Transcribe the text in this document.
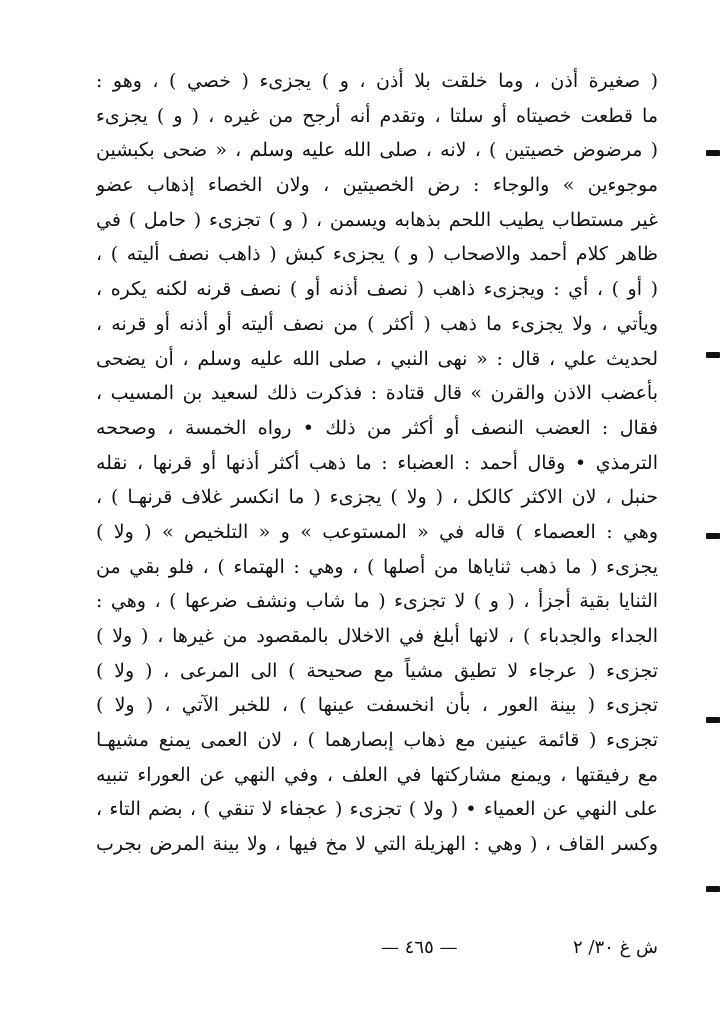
( صغيرة أذن ، وما خلقت بلا أذن ، و ) يجزىء ( خصي ) ، وهو :
ما قطعت خصيتاه أو سلتا ، وتقدم أنه أرجح من غيره ، ( و ) يجزىء
( مرضوض خصيتين ) ، لانه ، صلى الله عليه وسلم ، « ضحى بكبشين
موجوءين » والوجاء : رض الخصيتين ، ولان الخصاء إذهاب عضو
غير مستطاب يطيب اللحم بذهابه ويسمن ، ( و ) تجزىء ( حامل ) في
ظاهر كلام أحمد والاصحاب ( و ) يجزىء كبش ( ذاهب نصف أليته ) ،
( أو ) ، أي : ويجزىء ذاهب ( نصف أذنه أو ) نصف قرنه لكنه يكره ،
ويأتي ، ولا يجزىء ما ذهب ( أكثر ) من نصف أليته أو أذنه أو قرنه ،
لحديث علي ، قال : « نهى النبي ، صلى الله عليه وسلم ، أن يضحى
بأعضب الاذن والقرن » قال قتادة : فذكرت ذلك لسعيد بن المسيب ،
فقال : العضب النصف أو أكثر من ذلك • رواه الخمسة ، وصححه
الترمذي • وقال أحمد : العضباء : ما ذهب أكثر أذنها أو قرنها ، نقله
حنبل ، لان الاكثر كالكل ، ( ولا ) يجزىء ( ما انكسر غلاف قرنهـا ) ،
وهي : العصماء ) قاله في « المستوعب » و « التلخيص » ( ولا )
يجزىء ( ما ذهب ثناياها من أصلها ) ، وهي : الهتماء ) ، فلو بقي من
الثنايا بقية أجزأ ، ( و ) لا تجزىء ( ما شاب ونشف ضرعها ) ، وهي :
الجداء والجدباء ) ، لانها أبلغ في الاخلال بالمقصود من غيرها ، ( ولا )
تجزىء ( عرجاء لا تطيق مشياً مع صحيحة ) الى المرعى ، ( ولا )
تجزىء ( بينة العور ، بأن انخسفت عينها ) ، للخبر الآتي ، ( ولا )
تجزىء ( قائمة عينين مع ذهاب إبصارهما ) ، لان العمى يمنع مشيهـا
مع رفيقتها ، ويمنع مشاركتها في العلف ، وفي النهي عن العوراء تنبيه
على النهي عن العمياء • ( ولا ) تجزىء ( عجفاء لا تنقي ) ، بضم التاء ،
وكسر القاف ، ( وهي : الهزيلة التي لا مخ فيها ، ولا بينة المرض بجرب
ش غ ٣٠/ ٢
— ٤٦٥ —
